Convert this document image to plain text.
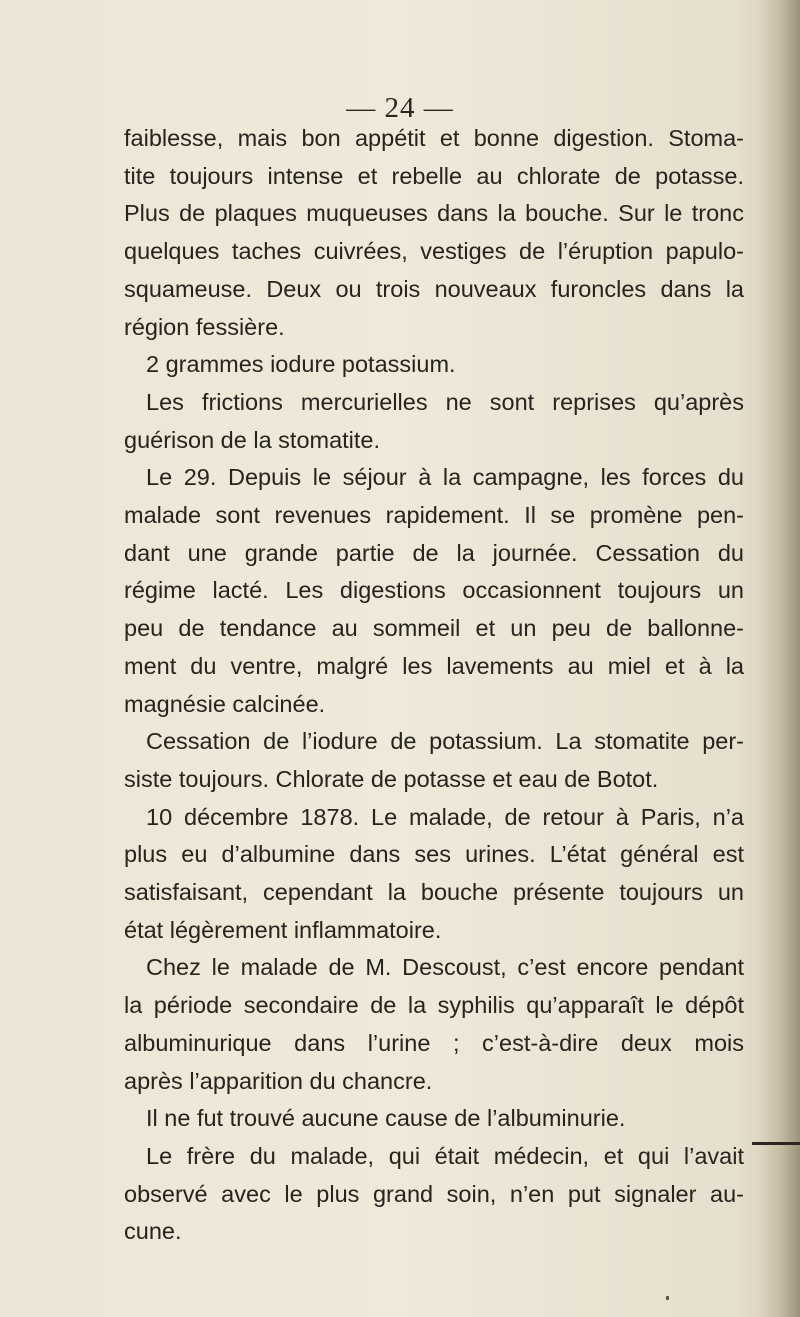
— 24 —
faiblesse, mais bon appétit et bonne digestion. Stoma-
tite toujours intense et rebelle au chlorate de potasse.
Plus de plaques muqueuses dans la bouche. Sur le tronc
quelques taches cuivrées, vestiges de l’éruption papulo-
squameuse. Deux ou trois nouveaux furoncles dans la
région fessière.
2 grammes iodure potassium.
Les frictions mercurielles ne sont reprises qu’après
guérison de la stomatite.
Le 29. Depuis le séjour à la campagne, les forces du
malade sont revenues rapidement. Il se promène pen-
dant une grande partie de la journée. Cessation du
régime lacté. Les digestions occasionnent toujours un
peu de tendance au sommeil et un peu de ballonne-
ment du ventre, malgré les lavements au miel et à la
magnésie calcinée.
Cessation de l’iodure de potassium. La stomatite per-
siste toujours. Chlorate de potasse et eau de Botot.
10 décembre 1878. Le malade, de retour à Paris, n’a
plus eu d’albumine dans ses urines. L’état général est
satisfaisant, cependant la bouche présente toujours un
état légèrement inflammatoire.
Chez le malade de M. Descoust, c’est encore pendant
la période secondaire de la syphilis qu’apparaît le dépôt
albuminurique dans l’urine ; c’est-à-dire deux mois
après l’apparition du chancre.
Il ne fut trouvé aucune cause de l’albuminurie.
Le frère du malade, qui était médecin, et qui l’avait
observé avec le plus grand soin, n’en put signaler au-
cune.
